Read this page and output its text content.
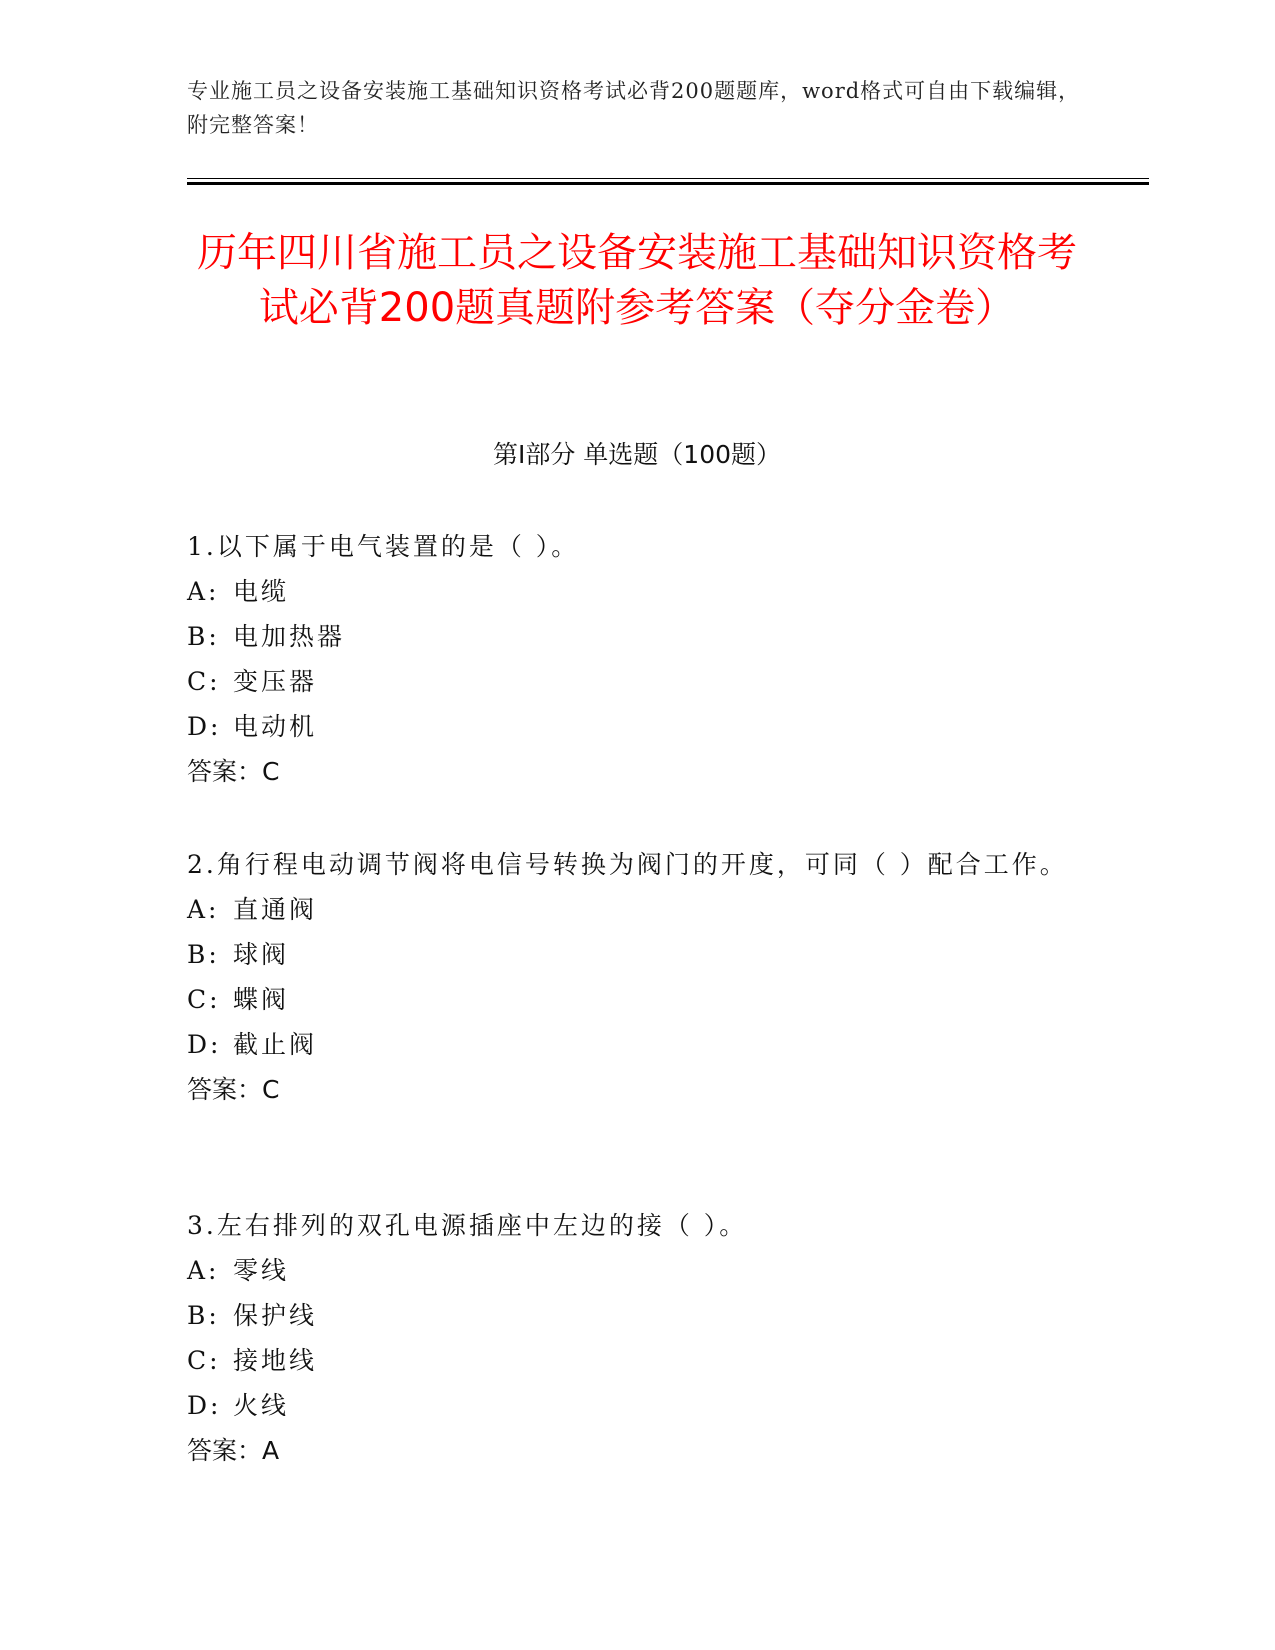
专业施工员之设备安装施工基础知识资格考试必背200题题库，word格式可自由下载编辑，附完整答案！
历年四川省施工员之设备安装施工基础知识资格考试必背200题真题附参考答案（夺分金卷）
第Ⅰ部分 单选题（100题）

1.以下属于电气装置的是（ ）。

A: 电缆
B: 电加热器
C: 变压器
D: 电动机

答案：C

2.角行程电动调节阀将电信号转换为阀门的开度，可同（ ）配合工作。

A: 直通阀
B: 球阀
C: 蝶阀
D: 截止阀

答案：C

3.左右排列的双孔电源插座中左边的接（ ）。

A: 零线
B: 保护线
C: 接地线
D: 火线

答案：A
